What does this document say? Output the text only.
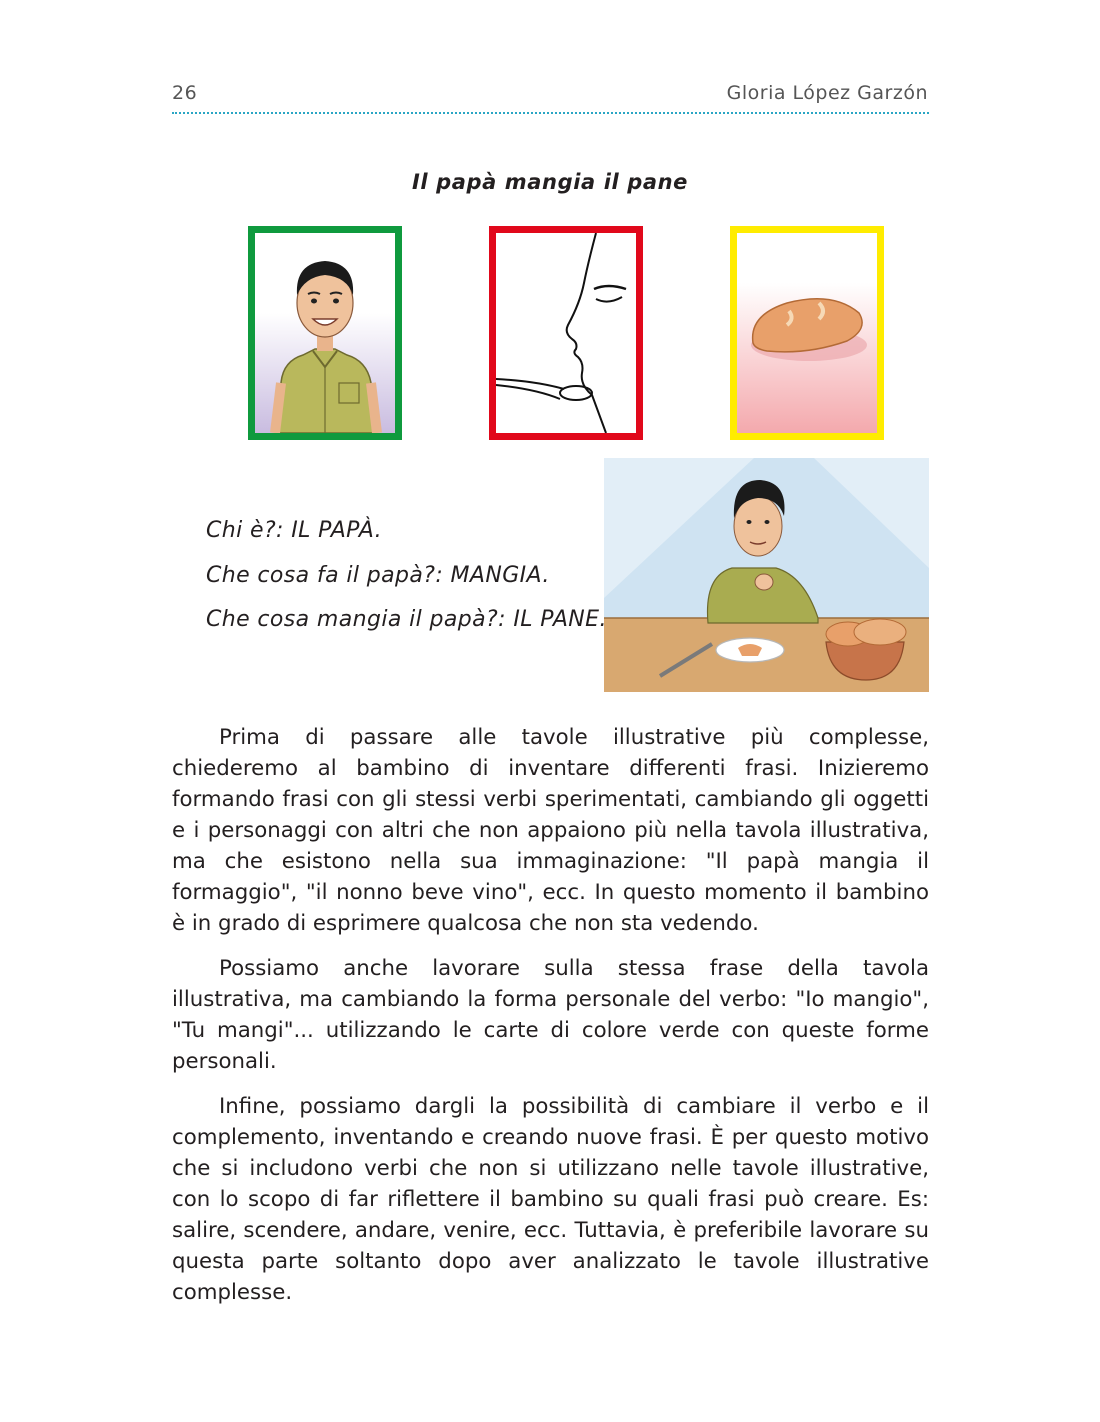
26	Gloria López Garzón
Il papà mangia il pane
Chi è?: IL PAPÀ.
Che cosa fa il papà?: MANGIA.
Che cosa mangia il papà?: IL PANE.

Prima di passare alle tavole illustrative più complesse, chiederemo al bambino di inventare differenti frasi. Inizieremo formando frasi con gli stessi verbi sperimentati, cambiando gli oggetti e i personaggi con altri che non appaiono più nella tavola illustrativa, ma che esistono nella sua immaginazione: "Il papà mangia il formaggio", "il nonno beve vino", ecc. In questo momento il bambino è in grado di esprimere qualcosa che non sta vedendo.

Possiamo anche lavorare sulla stessa frase della tavola illustrativa, ma cambiando la forma personale del verbo: "Io mangio", "Tu mangi"... utilizzando le carte di colore verde con queste forme personali.

Infine, possiamo dargli la possibilità di cambiare il verbo e il complemento, inventando e creando nuove frasi. È per questo motivo che si includono verbi che non si utilizzano nelle tavole illustrative, con lo scopo di far riflettere il bambino su quali frasi può creare. Es: salire, scendere, andare, venire, ecc. Tuttavia, è preferibile lavorare su questa parte soltanto dopo aver analizzato le tavole illustrative complesse.
